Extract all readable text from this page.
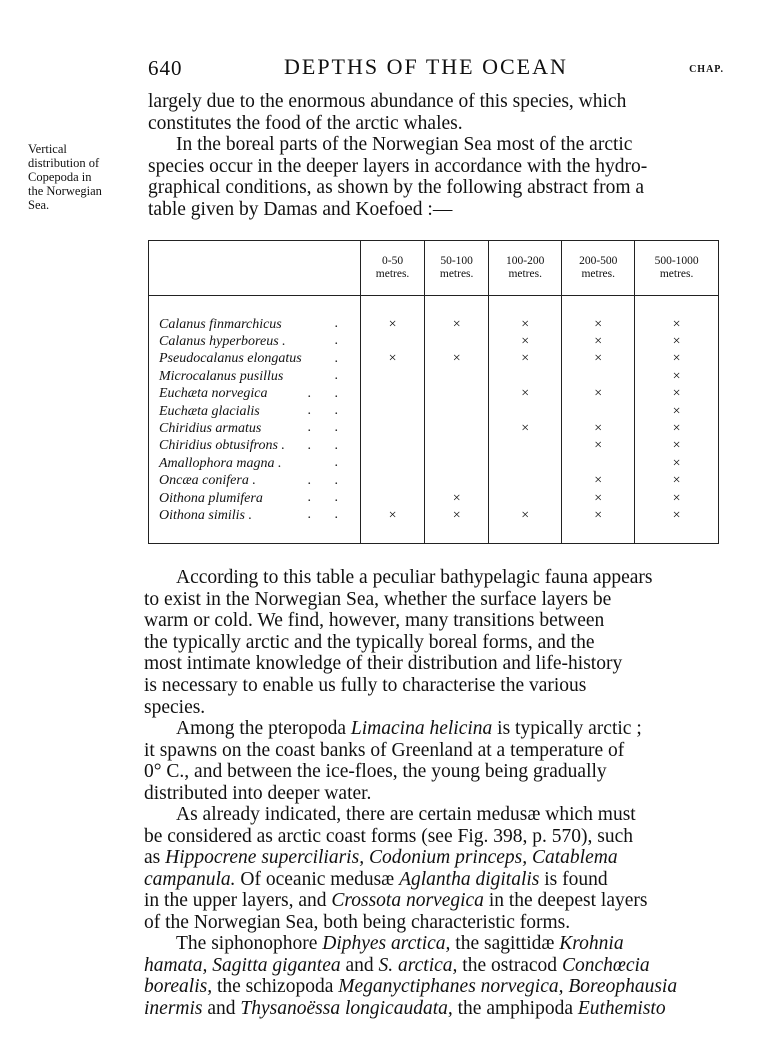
640	DEPTHS OF THE OCEAN	CHAP.
largely due to the enormous abundance of this species, which
constitutes the food of the arctic whales.
In the boreal parts of the Norwegian Sea most of the arctic
species occur in the deeper layers in accordance with the hydro-
graphical conditions, as shown by the following abstract from a
table given by Damas and Koefoed :—
Vertical
distribution of
Copepoda in
the Norwegian
Sea.
	0-50
metres.	50-100
metres.	100-200
metres.	200-500
metres.	500-1000
metres.

Calanus finmarchicus .	×	×	×	×	×
Calanus hyperboreus . .			×	×	×
Pseudocalanus elongatus .	×	×	×	×	×
Microcalanus pusillus .					×
Euchæta norvegica . .			×	×	×
Euchæta glacialis . .					×
Chiridius armatus . .			×	×	×
Chiridius obtusifrons . . .				×	×
Amallophora magna . .					×
Oncæa conifera . . .				×	×
Oithona plumifera . .		×		×	×
Oithona similis . . .	×	×	×	×	×

According to this table a peculiar bathypelagic fauna appears
to exist in the Norwegian Sea, whether the surface layers be
warm or cold. We find, however, many transitions between
the typically arctic and the typically boreal forms, and the
most intimate knowledge of their distribution and life-history
is necessary to enable us fully to characterise the various
species.
Among the pteropoda Limacina helicina is typically arctic ;
it spawns on the coast banks of Greenland at a temperature of
0° C., and between the ice-floes, the young being gradually
distributed into deeper water.
As already indicated, there are certain medusæ which must
be considered as arctic coast forms (see Fig. 398, p. 570), such
as Hippocrene superciliaris, Codonium princeps, Catablema
campanula. Of oceanic medusæ Aglantha digitalis is found
in the upper layers, and Crossota norvegica in the deepest layers
of the Norwegian Sea, both being characteristic forms.
The siphonophore Diphyes arctica, the sagittidæ Krohnia
hamata, Sagitta gigantea and S. arctica, the ostracod Conchœcia
borealis, the schizopoda Meganyctiphanes norvegica, Boreophausia
inermis and Thysanoëssa longicaudata, the amphipoda Euthemisto
